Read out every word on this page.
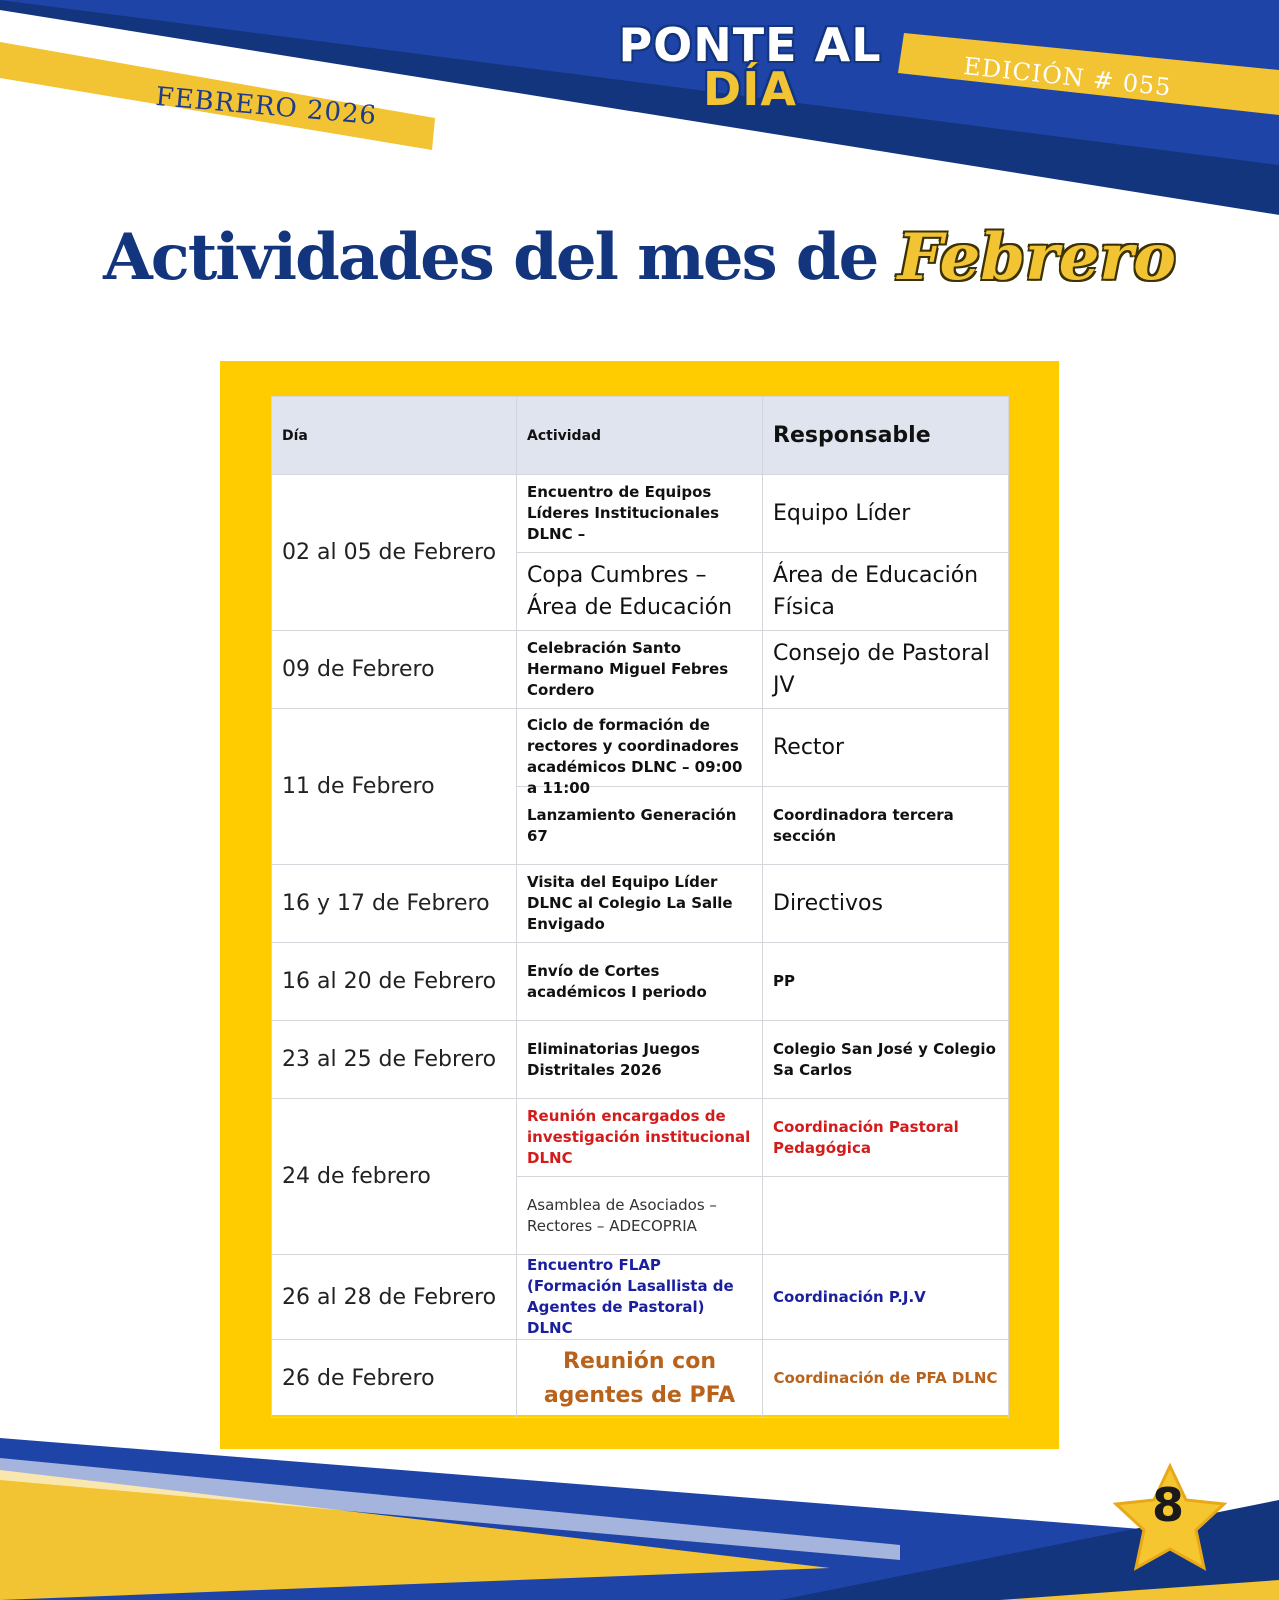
PONTE AL
DÍA
FEBRERO 2026
EDICIÓN # 055
Actividades del mes de Febrero
Día	Actividad	Responsable
02 al 05 de Febrero	Encuentro de Equipos Líderes Institucionales DLNC –	Equipo Líder
	Copa Cumbres – Área de Educación	Área de Educación Física
09 de Febrero	Celebración Santo Hermano Miguel Febres Cordero	Consejo de Pastoral JV
11 de Febrero	Ciclo de formación de rectores y coordinadores académicos DLNC – 09:00 a 11:00	Rector
	Lanzamiento Generación 67	Coordinadora tercera sección
16 y 17 de Febrero	Visita del Equipo Líder DLNC al Colegio La Salle Envigado	Directivos
16 al 20 de Febrero	Envío de Cortes académicos I periodo	PP
23 al 25 de Febrero	Eliminatorias Juegos Distritales 2026	Colegio San José y Colegio Sa Carlos
24 de febrero	Reunión encargados de investigación institucional DLNC	Coordinación Pastoral Pedagógica
	Asamblea de Asociados – Rectores – ADECOPRIA	
26 al 28 de Febrero	Encuentro FLAP (Formación Lasallista de Agentes de Pastoral) DLNC	Coordinación P.J.V
26 de Febrero	Reunión con agentes de PFA	Coordinación de PFA DLNC
8
